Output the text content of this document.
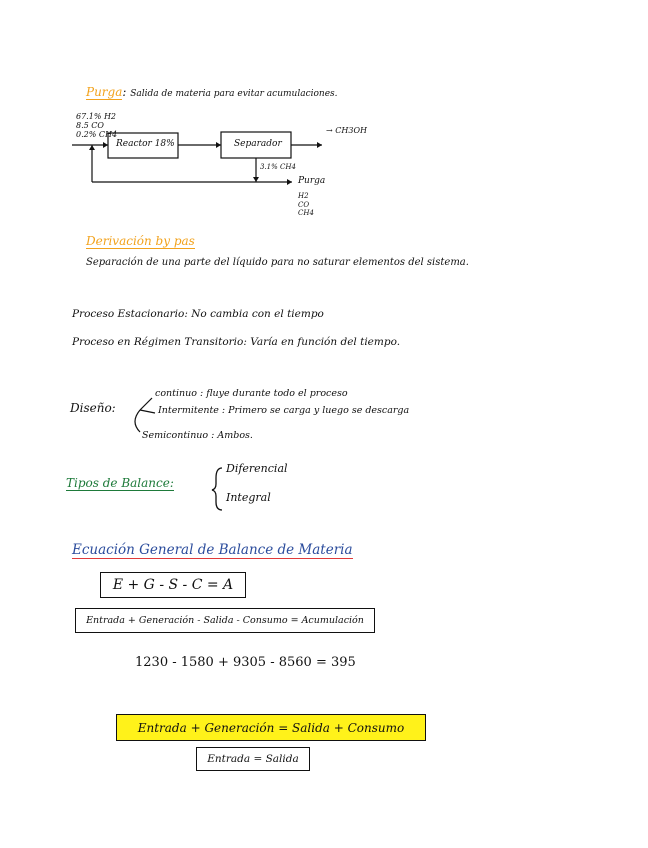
Purga: Salida de materia para evitar acumulaciones.
67.1% H2
8.5 CO
0.2% CH4
Reactor 18%	Separador
→ CH3OH
3.1% CH4
Purga
H2
CO
CH4
Derivación by pas
Separación de una parte del líquido para no saturar elementos del sistema.
Proceso Estacionario: No cambia con el tiempo
Proceso en Régimen Transitorio: Varía en función del tiempo.
Diseño:
continuo : fluye durante todo el proceso
Intermitente : Primero se carga y luego se descarga
Semicontinuo : Ambos.
Tipos de Balance:
Diferencial
Integral
Ecuación General de Balance de Materia
E + G - S - C = A
Entrada + Generación - Salida - Consumo = Acumulación
1230 - 1580 + 9305 - 8560 = 395
Entrada + Generación = Salida + Consumo
Entrada = Salida
